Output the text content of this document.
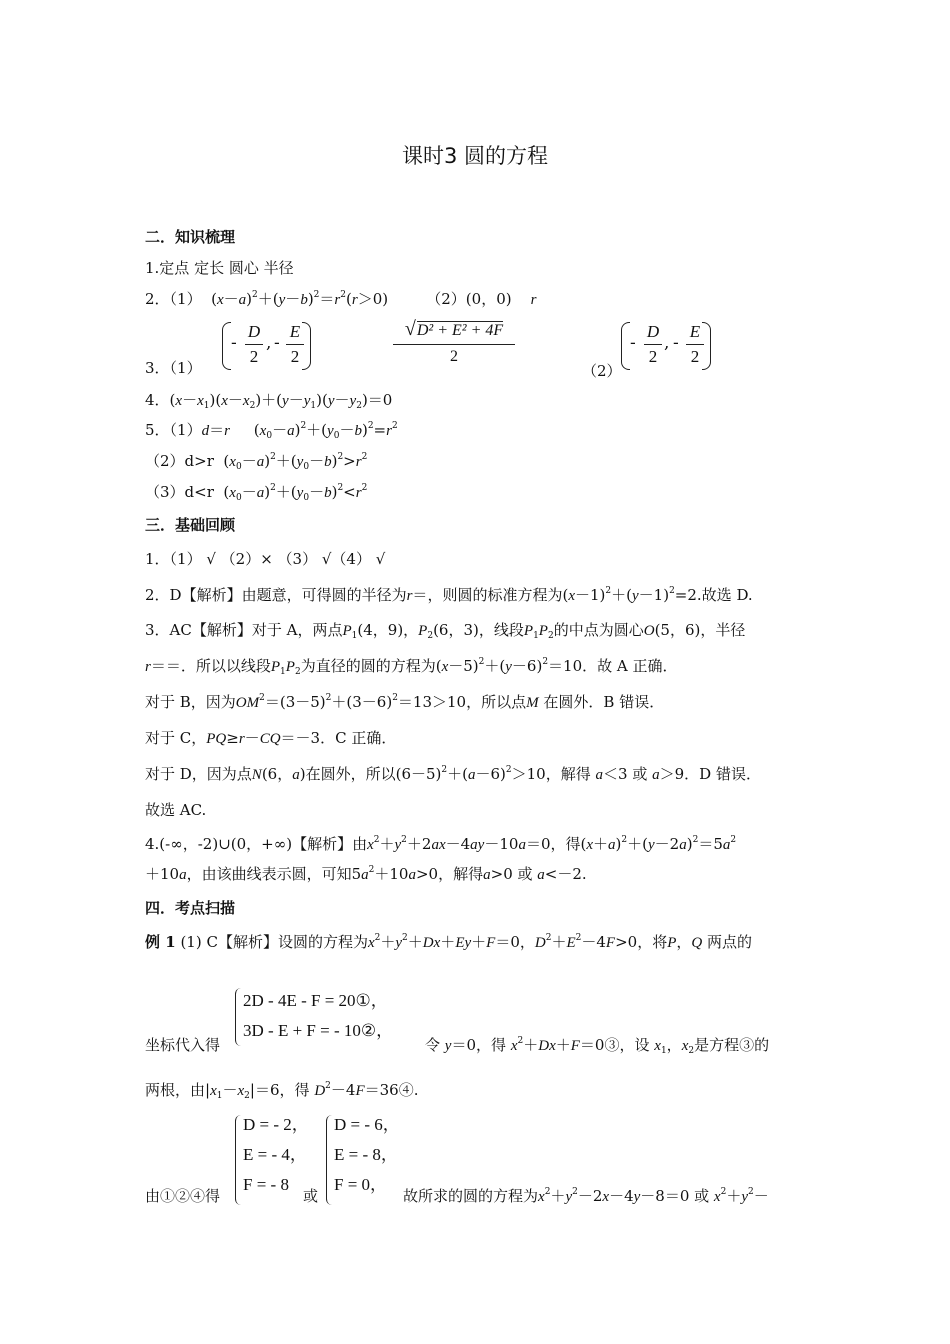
课时3 圆的方程
二．知识梳理
1.定点 定长 圆心 半径
2．（1）  $(x-a)^2+(y-b)^2=r^2(r>0)$        （2）(0，0) r
3．（1）
-
D
2
, -
E
2
√ D² + E² + 4F
2
（2）
-
D
2
, -
E
2
4．$(x-x_1)(x-x_2)+(y-y_1)(y-y_2)=0$
5．（1）d＝r     $(x_0-a)^2+(y_0-b)^2=r^2$
（2）d>r  $(x_0-a)^2+(y_0-b)^2>r^2$
（3）d<r  $(x_0-a)^2+(y_0-b)^2<r^2$
三．基础回顾
1．（1） √ （2）× （3） √（4） √
2．D【解析】由题意，可得圆的半径为r＝，则圆的标准方程为$(x-1)^2+(y-1)^2=2$.故选 D.
3．AC【解析】对于 A，两点$P_1(4$，9)，$P_2(6$，3)，线段$P_1P_2$的中点为圆心O(5，6)，半径
r＝＝．所以以线段$P_1P_2$为直径的圆的方程为$(x-5)^2+(y-6)^2=10$．故 A 正确．
对于 B，因为$OM^2=(3-5)^2+(3-6)^2=13>10$，所以点M 在圆外．B 错误．
对于 C，PQ≥r－CQ＝－3．C 正确．
对于 D，因为点N(6，a)在圆外，所以$(6-5)^2+(a-6)^2>10$，解得 a＜3 或 a＞9．D 错误．
故选 AC.
4.(-∞，-2)∪(0，+∞)【解析】由$x^2+y^2+2ax-4ay-10a=0$，得$(x+a)^2+(y-2a)^2=5a^2$
＋10a，由该曲线表示圆，可知$5a^2+10a>0$，解得a>0 或 a<－2.
四．考点扫描
例 1 (1) C【解析】设圆的方程为$x^2+y^2+Dx+Ey+F=0$，$D^2+E^2-4F>0$，将P，Q 两点的
坐标代入得
2D - 4E - F = 20①，
3D - E + F = - 10②，
令 y＝0，得 $x^2+Dx+F=0③$，设 $x_1$，$x_2$是方程③的
两根，由$|x_1-x_2|=6$，得 $D^2-4F=36④$.
由①②④得
D = - 2，
E = - 4，
F = - 8
或
D = - 6，
E = - 8，
F = 0，
故所求的圆的方程为$x^2+y^2-2x-4y-8=0$ 或 $x^2+y^2-$
